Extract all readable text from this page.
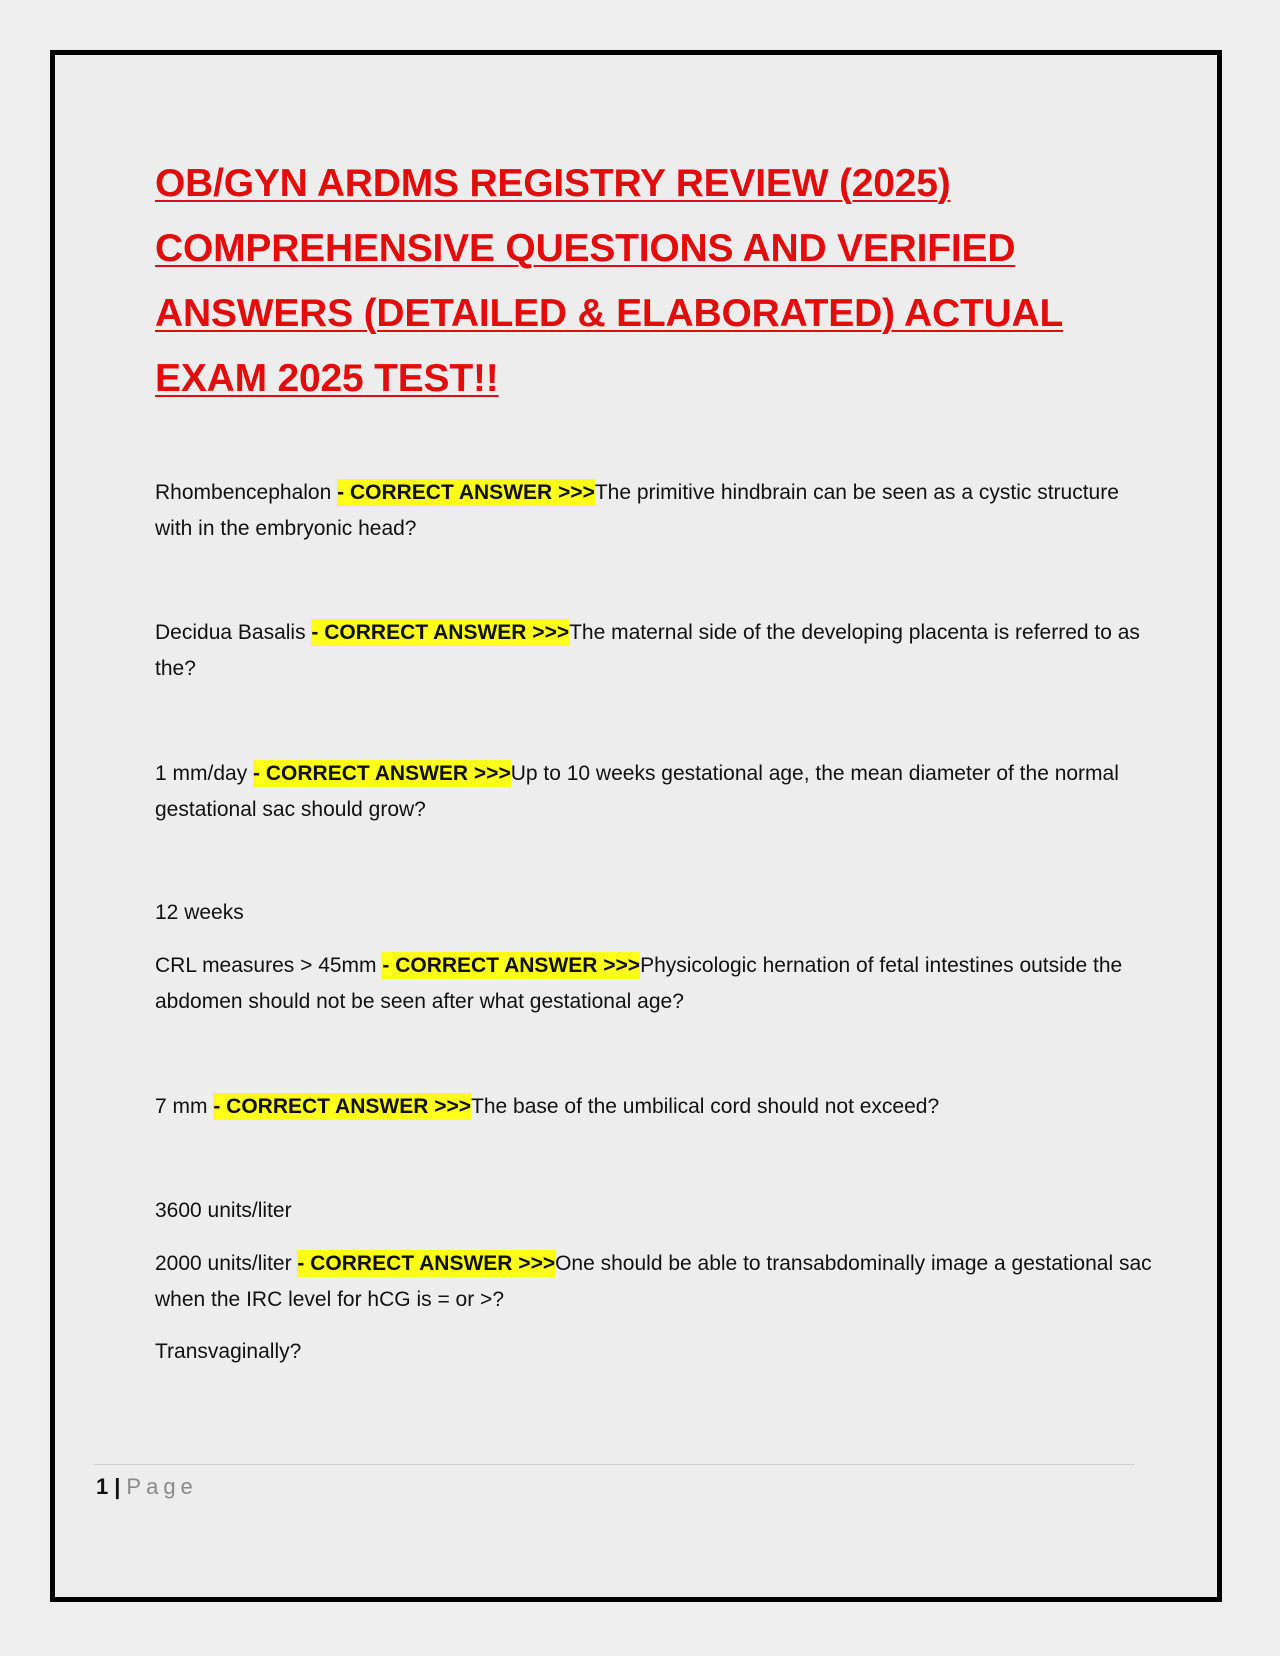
OB/GYN ARDMS REGISTRY REVIEW (2025) COMPREHENSIVE QUESTIONS AND VERIFIED ANSWERS (DETAILED & ELABORATED) ACTUAL EXAM 2025 TEST!!

Rhombencephalon - CORRECT ANSWER >>>The primitive hindbrain can be seen as a cystic structure with in the embryonic head?

Decidua Basalis - CORRECT ANSWER >>>The maternal side of the developing placenta is referred to as the?

1 mm/day - CORRECT ANSWER >>>Up to 10 weeks gestational age, the mean diameter of the normal gestational sac should grow?

12 weeks

CRL measures > 45mm - CORRECT ANSWER >>>Physicologic hernation of fetal intestines outside the abdomen should not be seen after what gestational age?

7 mm - CORRECT ANSWER >>>The base of the umbilical cord should not exceed?

3600 units/liter

2000 units/liter - CORRECT ANSWER >>>One should be able to transabdominally image a gestational sac when the IRC level for hCG is = or >?

Transvaginally?

1 | Page
